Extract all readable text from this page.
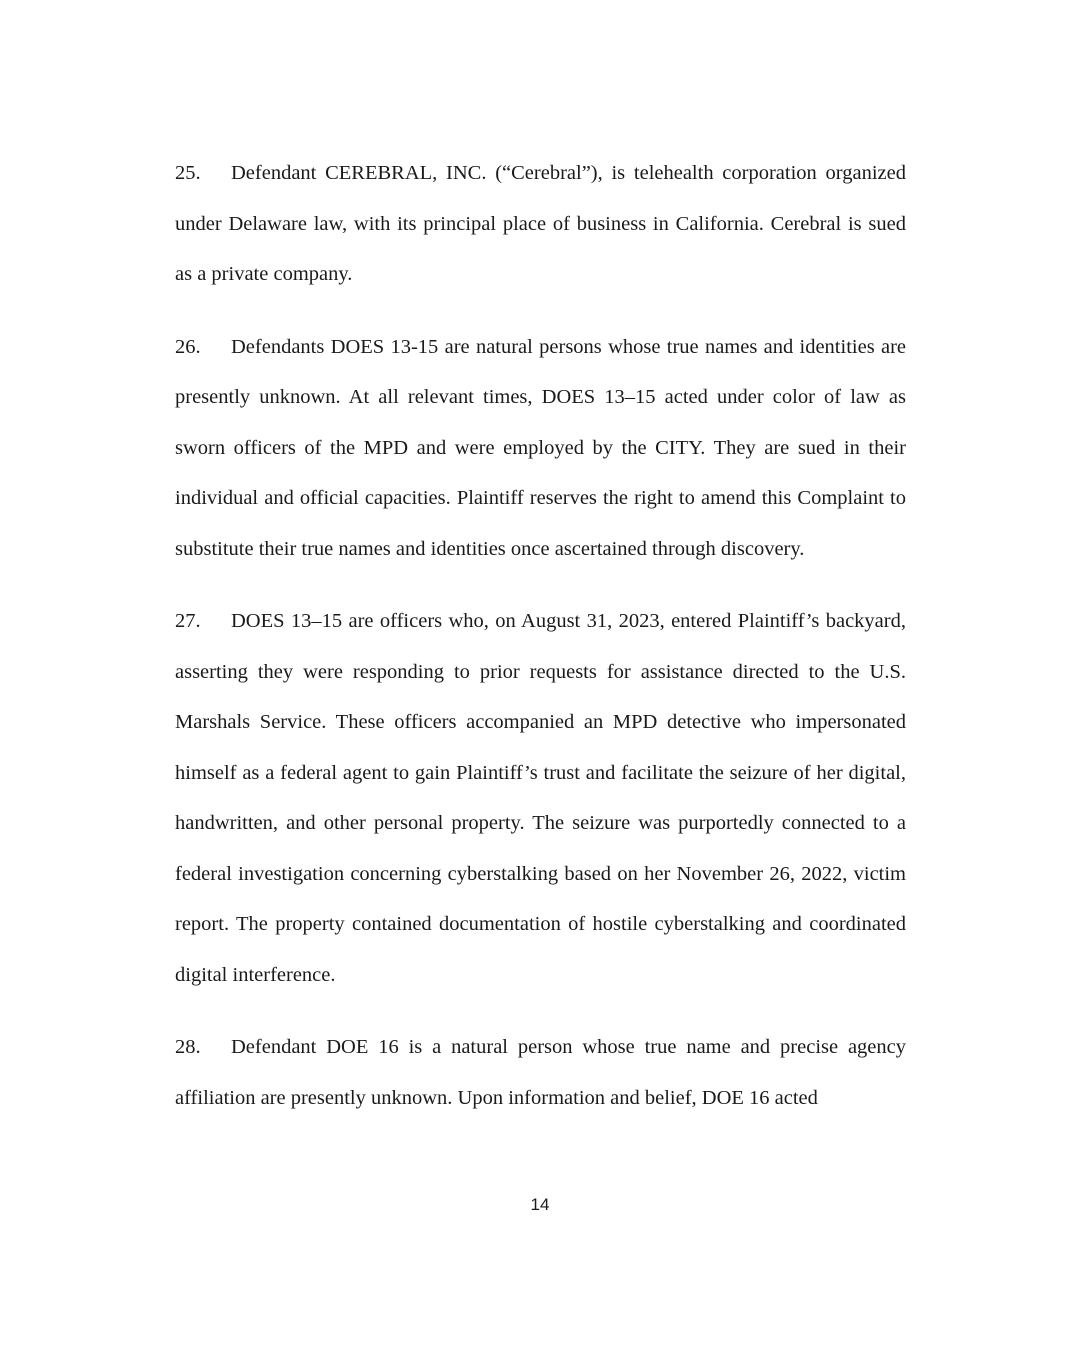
25. Defendant CEREBRAL, INC. (“Cerebral”), is telehealth corporation organized under Delaware law, with its principal place of business in California. Cerebral is sued as a private company.

26. Defendants DOES 13-15 are natural persons whose true names and identities are presently unknown. At all relevant times, DOES 13–15 acted under color of law as sworn officers of the MPD and were employed by the CITY. They are sued in their individual and official capacities. Plaintiff reserves the right to amend this Complaint to substitute their true names and identities once ascertained through discovery.

27. DOES 13–15 are officers who, on August 31, 2023, entered Plaintiff’s backyard, asserting they were responding to prior requests for assistance directed to the U.S. Marshals Service. These officers accompanied an MPD detective who impersonated himself as a federal agent to gain Plaintiff’s trust and facilitate the seizure of her digital, handwritten, and other personal property. The seizure was purportedly connected to a federal investigation concerning cyberstalking based on her November 26, 2022, victim report. The property contained documentation of hostile cyberstalking and coordinated digital interference.

28. Defendant DOE 16 is a natural person whose true name and precise agency affiliation are presently unknown. Upon information and belief, DOE 16 acted

14
